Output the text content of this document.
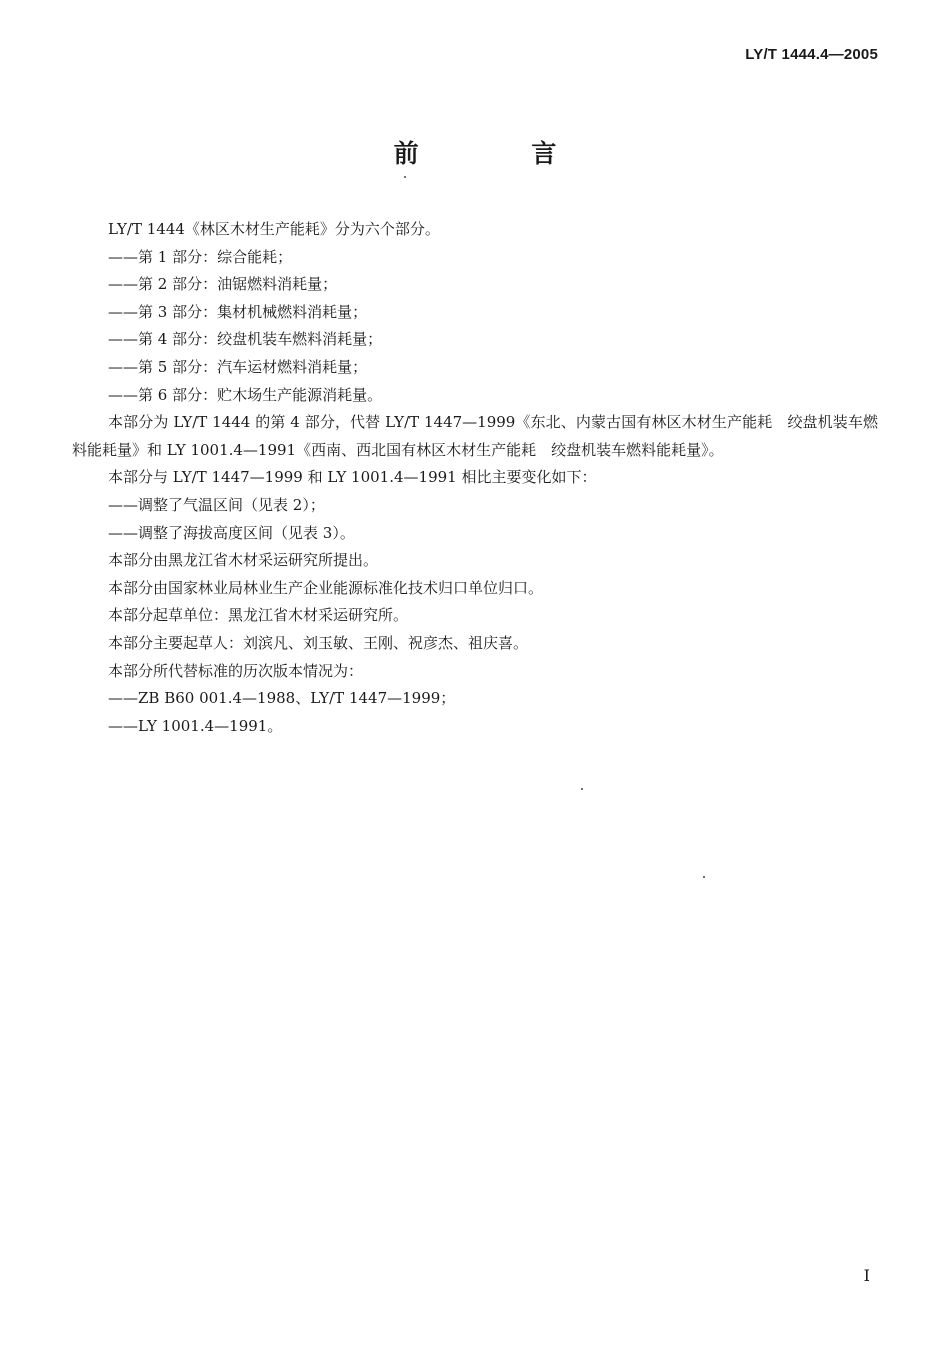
LY/T 1444.4—2005
前 言

LY/T 1444《林区木材生产能耗》分为六个部分。

——第 1 部分：综合能耗；

——第 2 部分：油锯燃料消耗量；

——第 3 部分：集材机械燃料消耗量；

——第 4 部分：绞盘机装车燃料消耗量；

——第 5 部分：汽车运材燃料消耗量；

——第 6 部分：贮木场生产能源消耗量。

本部分为 LY/T 1444 的第 4 部分，代替 LY/T 1447—1999《东北、内蒙古国有林区木材生产能耗　绞盘机装车燃料能耗量》和 LY 1001.4—1991《西南、西北国有林区木材生产能耗　绞盘机装车燃料能耗量》。

本部分与 LY/T 1447—1999 和 LY 1001.4—1991 相比主要变化如下：

——调整了气温区间（见表 2）；

——调整了海拔高度区间（见表 3）。

本部分由黑龙江省木材采运研究所提出。

本部分由国家林业局林业生产企业能源标准化技术归口单位归口。

本部分起草单位：黑龙江省木材采运研究所。

本部分主要起草人：刘滨凡、刘玉敏、王刚、祝彦杰、祖庆喜。

本部分所代替标准的历次版本情况为：

——ZB B60 001.4—1988、LY/T 1447—1999；

——LY 1001.4—1991。

I
